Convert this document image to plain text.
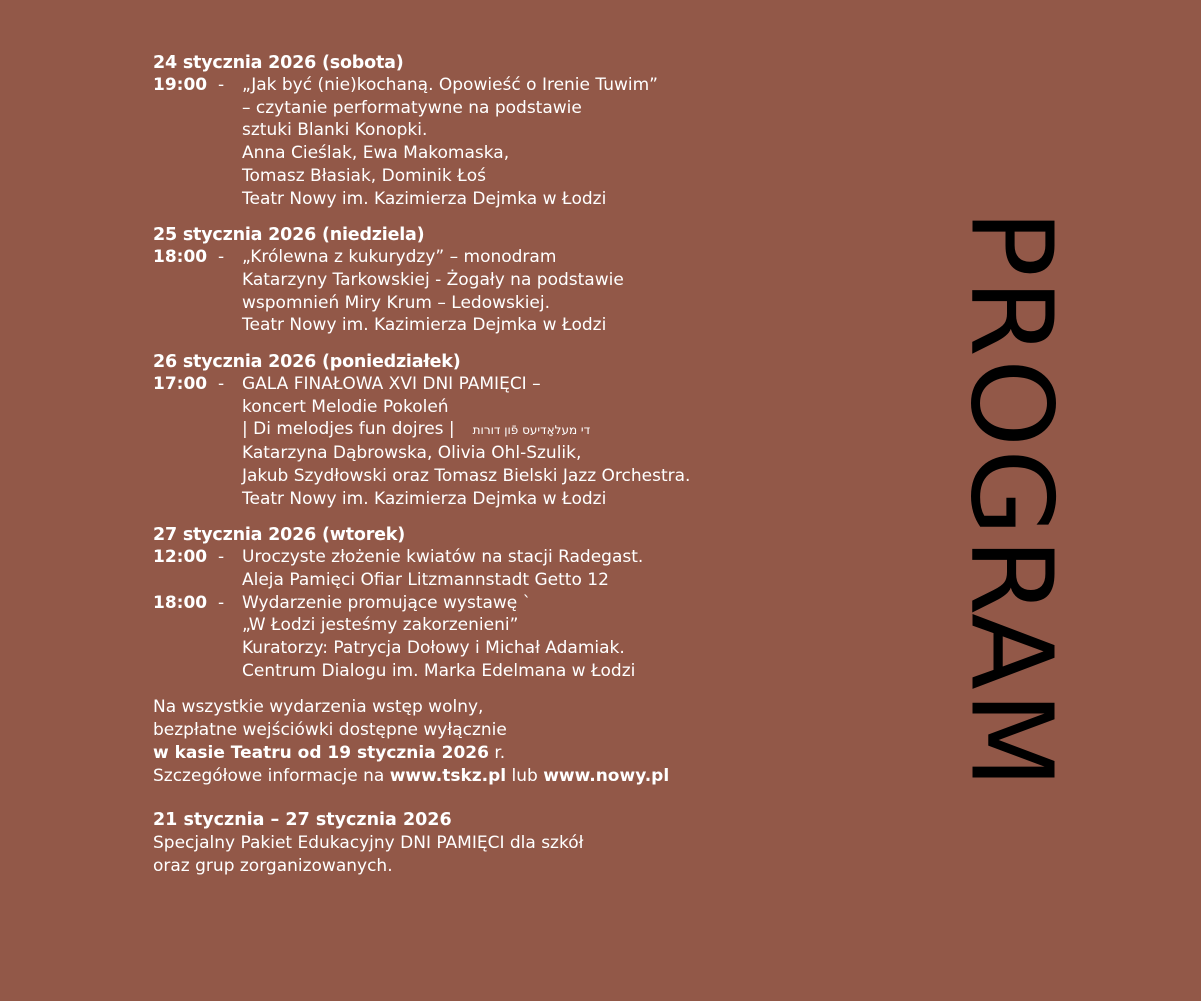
24 stycznia 2026 (sobota)
19:00 -	„Jak być (nie)kochaną. Opowieść o Irenie Tuwim”
– czytanie performatywne na podstawie
sztuki Blanki Konopki.
Anna Cieślak, Ewa Makomaska,
Tomasz Błasiak, Dominik Łoś
Teatr Nowy im. Kazimierza Dejmka w Łodzi
25 stycznia 2026 (niedziela)
18:00 -	„Królewna z kukurydzy” – monodram
Katarzyny Tarkowskiej - Żogały na podstawie
wspomnień Miry Krum – Ledowskiej.
Teatr Nowy im. Kazimierza Dejmka w Łodzi
26 stycznia 2026 (poniedziałek)
17:00 -	GALA FINAŁOWA XVI DNI PAMIĘCI –
koncert Melodie Pokoleń
| Di melodjes fun dojres | די מעלאָדיעס פֿון דורות
Katarzyna Dąbrowska, Olivia Ohl-Szulik,
Jakub Szydłowski oraz Tomasz Bielski Jazz Orchestra.
Teatr Nowy im. Kazimierza Dejmka w Łodzi
27 stycznia 2026 (wtorek)
12:00 -	Uroczyste złożenie kwiatów na stacji Radegast.
Aleja Pamięci Ofiar Litzmannstadt Getto 12
18:00 -	Wydarzenie promujące wystawę `
„W Łodzi jesteśmy zakorzenieni”
Kuratorzy: Patrycja Dołowy i Michał Adamiak.
Centrum Dialogu im. Marka Edelmana w Łodzi
Na wszystkie wydarzenia wstęp wolny,
bezpłatne wejściówki dostępne wyłącznie
w kasie Teatru od 19 stycznia 2026 r.
Szczegółowe informacje na www.tskz.pl lub www.nowy.pl
21 stycznia – 27 stycznia 2026
Specjalny Pakiet Edukacyjny DNI PAMIĘCI dla szkół
oraz grup zorganizowanych.
PROGRAM
